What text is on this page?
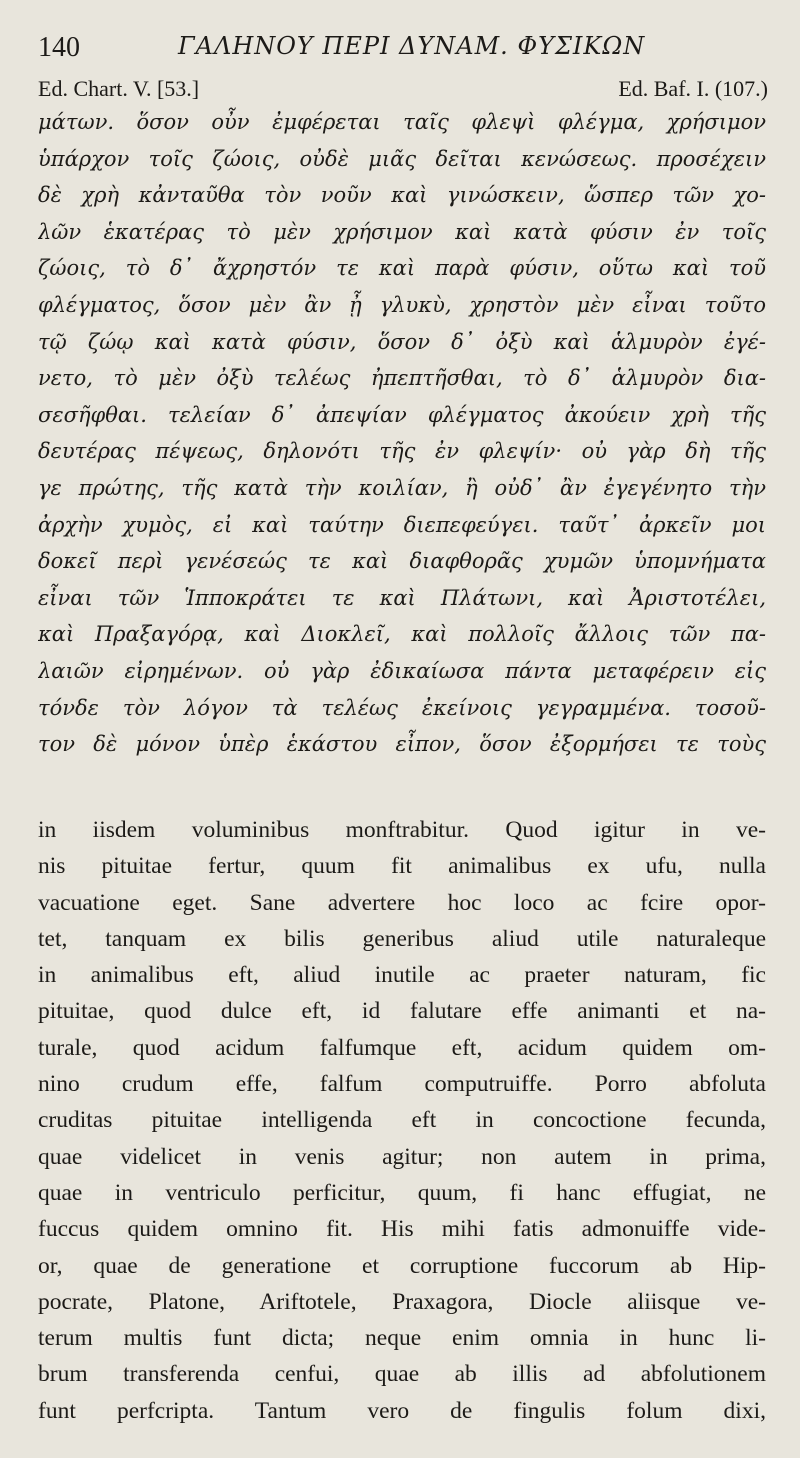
140	ΓΑΛΗΝΟΥ ΠΕΡΙ ΔΥΝΑΜ. ΦΥΣΙΚΩΝ
Ed. Chart. V. [53.]	Ed. Baf. I. (107.)
μάτων. ὅσον οὖν ἐμφέρεται ταῖς φλεψὶ φλέγμα, χρήσιμον
ὑπάρχον τοῖς ζώοις, οὐδὲ μιᾶς δεῖται κενώσεως. προσέχειν
δὲ χρὴ κἀνταῦθα τὸν νοῦν καὶ γινώσκειν, ὥσπερ τῶν χο-
λῶν ἑκατέρας τὸ μὲν χρήσιμον καὶ κατὰ φύσιν ἐν τοῖς
ζώοις, τὸ δ᾽ ἄχρηστόν τε καὶ παρὰ φύσιν, οὕτω καὶ τοῦ
φλέγματος, ὅσον μὲν ἂν ᾖ γλυκὺ, χρηστὸν μὲν εἶναι τοῦτο
τῷ ζώῳ καὶ κατὰ φύσιν, ὅσον δ᾽ ὀξὺ καὶ ἁλμυρὸν ἐγέ-
νετο, τὸ μὲν ὀξὺ τελέως ἠπεπτῆσθαι, τὸ δ᾽ ἁλμυρὸν δια-
σεσῆφθαι. τελείαν δ᾽ ἀπεψίαν φλέγματος ἀκούειν χρὴ τῆς
δευτέρας πέψεως, δηλονότι τῆς ἐν φλεψίν· οὐ γὰρ δὴ τῆς
γε πρώτης, τῆς κατὰ τὴν κοιλίαν, ἢ οὐδ᾽ ἂν ἐγεγένητο τὴν
ἀρχὴν χυμὸς, εἰ καὶ ταύτην διεπεφεύγει. ταῦτ᾽ ἀρκεῖν μοι
δοκεῖ περὶ γενέσεώς τε καὶ διαφθορᾶς χυμῶν ὑπομνήματα
εἶναι τῶν Ἱπποκράτει τε καὶ Πλάτωνι, καὶ Ἀριστοτέλει,
καὶ Πραξαγόρᾳ, καὶ Διοκλεῖ, καὶ πολλοῖς ἄλλοις τῶν πα-
λαιῶν εἰρημένων. οὐ γὰρ ἐδικαίωσα πάντα μεταφέρειν εἰς
τόνδε τὸν λόγον τὰ τελέως ἐκείνοις γεγραμμένα. τοσοῦ-
τον δὲ μόνον ὑπὲρ ἑκάστου εἶπον, ὅσον ἐξορμήσει τε τοὺς
in iisdem voluminibus monftrabitur. Quod igitur in ve-
nis pituitae fertur, quum fit animalibus ex ufu, nulla
vacuatione eget. Sane advertere hoc loco ac fcire opor-
tet, tanquam ex bilis generibus aliud utile naturaleque
in animalibus eft, aliud inutile ac praeter naturam, fic
pituitae, quod dulce eft, id falutare effe animanti et na-
turale, quod acidum falfumque eft, acidum quidem om-
nino crudum effe, falfum computruiffe. Porro abfoluta
cruditas pituitae intelligenda eft in concoctione fecunda,
quae videlicet in venis agitur; non autem in prima,
quae in ventriculo perficitur, quum, fi hanc effugiat, ne
fuccus quidem omnino fit. His mihi fatis admonuiffe vide-
or, quae de generatione et corruptione fuccorum ab Hip-
pocrate, Platone, Ariftotele, Praxagora, Diocle aliisque ve-
terum multis funt dicta; neque enim omnia in hunc li-
brum transferenda cenfui, quae ab illis ad abfolutionem
funt perfcripta. Tantum vero de fingulis folum dixi,
